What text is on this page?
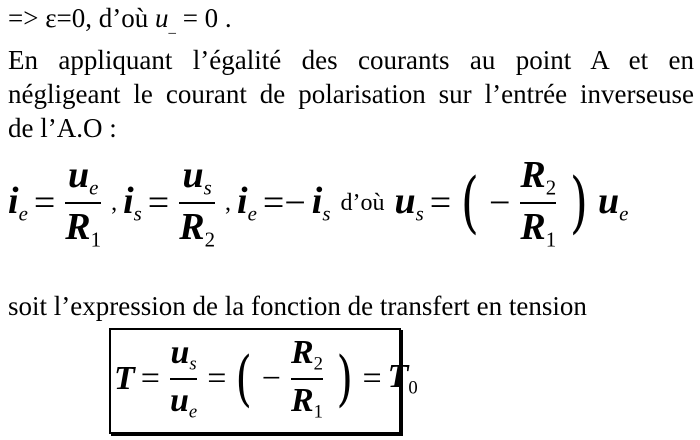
=> ε=0, d’où $u_{\_} = 0$ .
En appliquant l’égalité des courants au point A et en
négligeant le courant de polarisation sur l’entrée inverseuse
de l’A.O :
$i_e = \frac{u_e}{R_1}$ , $i_s = \frac{u_s}{R_2}$ , $i_e =- i_s$ d’où $u_s$ = ( − $\frac{R_2}{R_1}$ ) $u_e$
soit l’expression de la fonction de transfert en tension
$T = \frac{u_s}{u_e}$ = ( − $\frac{R_2}{R_1}$ ) = $T_0$
